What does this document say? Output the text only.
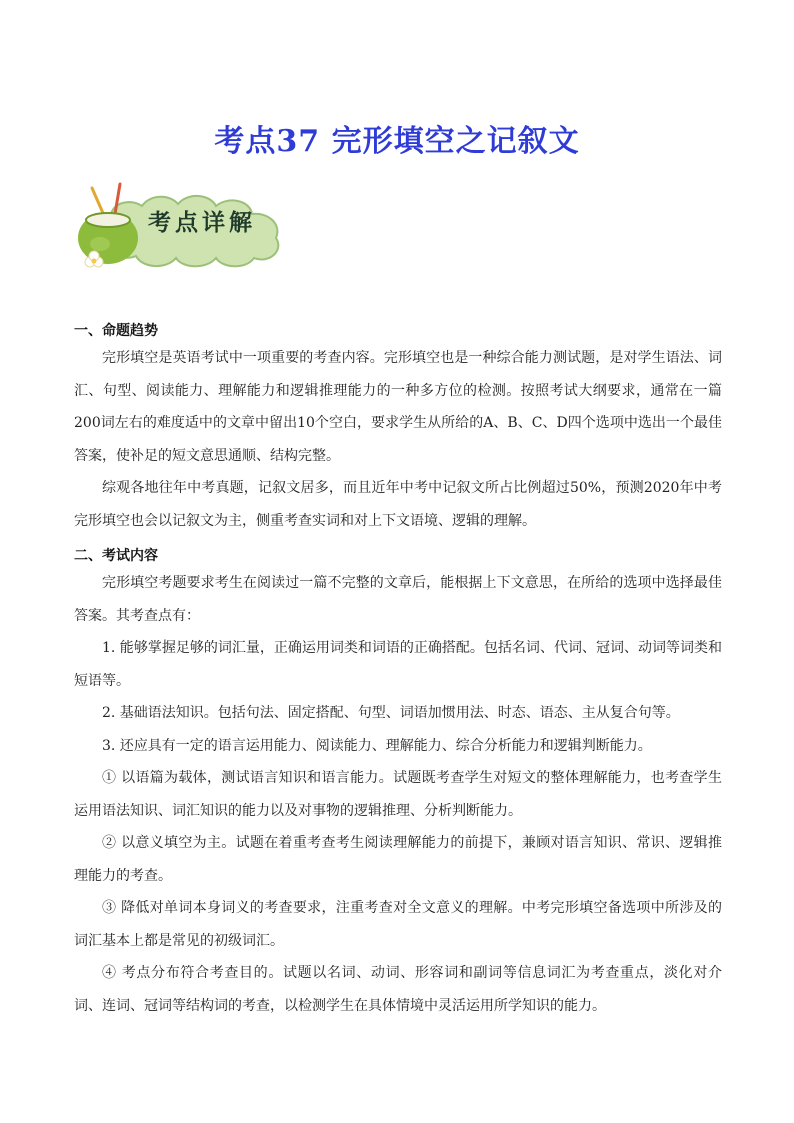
考点37 完形填空之记叙文
考点详解

一、命题趋势

完形填空是英语考试中一项重要的考查内容。完形填空也是一种综合能力测试题，是对学生语法、词汇、句型、阅读能力、理解能力和逻辑推理能力的一种多方位的检测。按照考试大纲要求，通常在一篇200词左右的难度适中的文章中留出10个空白，要求学生从所给的A、B、C、D四个选项中选出一个最佳答案，使补足的短文意思通顺、结构完整。

综观各地往年中考真题，记叙文居多，而且近年中考中记叙文所占比例超过50%，预测2020年中考完形填空也会以记叙文为主，侧重考查实词和对上下文语境、逻辑的理解。

二、考试内容

完形填空考题要求考生在阅读过一篇不完整的文章后，能根据上下文意思，在所给的选项中选择最佳答案。其考查点有：

1. 能够掌握足够的词汇量，正确运用词类和词语的正确搭配。包括名词、代词、冠词、动词等词类和短语等。

2. 基础语法知识。包括句法、固定搭配、句型、词语加惯用法、时态、语态、主从复合句等。

3. 还应具有一定的语言运用能力、阅读能力、理解能力、综合分析能力和逻辑判断能力。

① 以语篇为载体，测试语言知识和语言能力。试题既考查学生对短文的整体理解能力，也考查学生运用语法知识、词汇知识的能力以及对事物的逻辑推理、分析判断能力。

② 以意义填空为主。试题在着重考查考生阅读理解能力的前提下，兼顾对语言知识、常识、逻辑推理能力的考查。

③ 降低对单词本身词义的考查要求，注重考查对全文意义的理解。中考完形填空备选项中所涉及的词汇基本上都是常见的初级词汇。

④ 考点分布符合考查目的。试题以名词、动词、形容词和副词等信息词汇为考查重点，淡化对介词、连词、冠词等结构词的考查，以检测学生在具体情境中灵活运用所学知识的能力。
